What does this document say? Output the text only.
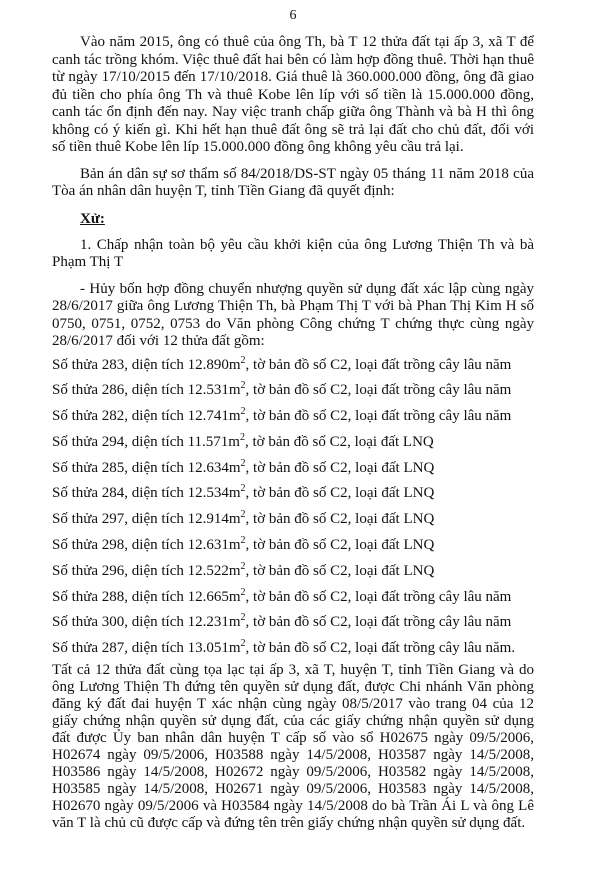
6

Vào năm 2015, ông có thuê của ông Th, bà T 12 thửa đất tại ấp 3, xã T để canh tác trồng khóm. Việc thuê đất hai bên có làm hợp đồng thuê. Thời hạn thuê từ ngày 17/10/2015 đến 17/10/2018. Giá thuê là 360.000.000 đồng, ông đã giao đủ tiền cho phía ông Th và thuê Kobe lên líp với số tiền là 15.000.000 đồng, canh tác ổn định đến nay. Nay việc tranh chấp giữa ông Thành và bà H thì ông không có ý kiến gì. Khi hết hạn thuê đất ông sẽ trả lại đất cho chủ đất, đối với số tiền thuê Kobe lên líp 15.000.000 đồng ông không yêu cầu trả lại.

Bản án dân sự sơ thẩm số 84/2018/DS-ST ngày 05 tháng 11 năm 2018 của Tòa án nhân dân huyện T, tỉnh Tiền Giang đã quyết định:

Xử:

1. Chấp nhận toàn bộ yêu cầu khởi kiện của ông Lương Thiện Th và bà Phạm Thị T

- Hủy bốn hợp đồng chuyển nhượng quyền sử dụng đất xác lập cùng ngày 28/6/2017 giữa ông Lương Thiện Th, bà Phạm Thị T với bà Phan Thị Kim H số 0750, 0751, 0752, 0753 do Văn phòng Công chứng T chứng thực cùng ngày 28/6/2017 đối với 12 thửa đất gồm:

Số thửa 283, diện tích $12.890m^2$, tờ bản đồ số C2, loại đất trồng cây lâu năm

Số thửa 286, diện tích $12.531m^2$, tờ bản đồ số C2, loại đất trồng cây lâu năm

Số thửa 282, diện tích $12.741m^2$, tờ bản đồ số C2, loại đất trồng cây lâu năm

Số thửa 294, diện tích $11.571m^2$, tờ bản đồ số C2, loại đất LNQ

Số thửa 285, diện tích $12.634m^2$, tờ bản đồ số C2, loại đất LNQ

Số thửa 284, diện tích $12.534m^2$, tờ bản đồ số C2, loại đất LNQ

Số thửa 297, diện tích $12.914m^2$, tờ bản đồ số C2, loại đất LNQ

Số thửa 298, diện tích $12.631m^2$, tờ bản đồ số C2, loại đất LNQ

Số thửa 296, diện tích $12.522m^2$, tờ bản đồ số C2, loại đất LNQ

Số thửa 288, diện tích $12.665m^2$, tờ bản đồ số C2, loại đất trồng cây lâu năm

Số thửa 300, diện tích $12.231m^2$, tờ bản đồ số C2, loại đất trồng cây lâu năm

Số thửa 287, diện tích $13.051m^2$, tờ bản đồ số C2, loại đất trồng cây lâu năm.

Tất cả 12 thửa đất cùng tọa lạc tại ấp 3, xã T, huyện T, tỉnh Tiền Giang và do ông Lương Thiện Th đứng tên quyền sử dụng đất, được Chi nhánh Văn phòng đăng ký đất đai huyện T xác nhận cùng ngày 08/5/2017 vào trang 04 của 12 giấy chứng nhận quyền sử dụng đất, của các giấy chứng nhận quyền sử dụng đất được Ủy ban nhân dân huyện T cấp số vào sổ H02675 ngày 09/5/2006, H02674 ngày 09/5/2006, H03588 ngày 14/5/2008, H03587 ngày 14/5/2008, H03586 ngày 14/5/2008, H02672 ngày 09/5/2006, H03582 ngày 14/5/2008, H03585 ngày 14/5/2008, H02671 ngày 09/5/2006, H03583 ngày 14/5/2008, H02670 ngày 09/5/2006 và H03584 ngày 14/5/2008 do bà Trần Ái L và ông Lê văn T là chủ cũ được cấp và đứng tên trên giấy chứng nhận quyền sử dụng đất.
